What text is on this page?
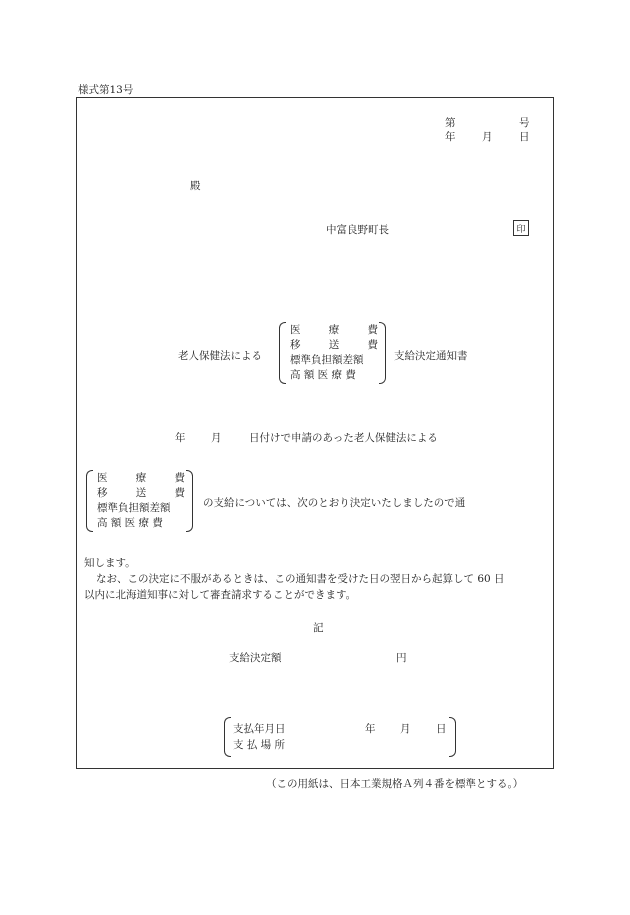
様式第13号
第	号
年	月	日
殿
中富良野町長	印
老人保健法による
医	療	費
移	送	費
標準負担額差額
高 額 医 療 費
支給決定通知書
年 月	日付けで申請のあった老人保健法による
医	療	費
移	送	費
標準負担額差額
高 額 医 療 費
の支給については、次のとおり決定いたしましたので通
知します。
なお、この決定に不服があるときは、この通知書を受けた日の翌日から起算して 60 日
以内に北海道知事に対して審査請求することができます。
記
支給決定額	円
支払年月日	年 月 日
支 払 場 所
（この用紙は、日本工業規格Ａ列４番を標準とする。）
